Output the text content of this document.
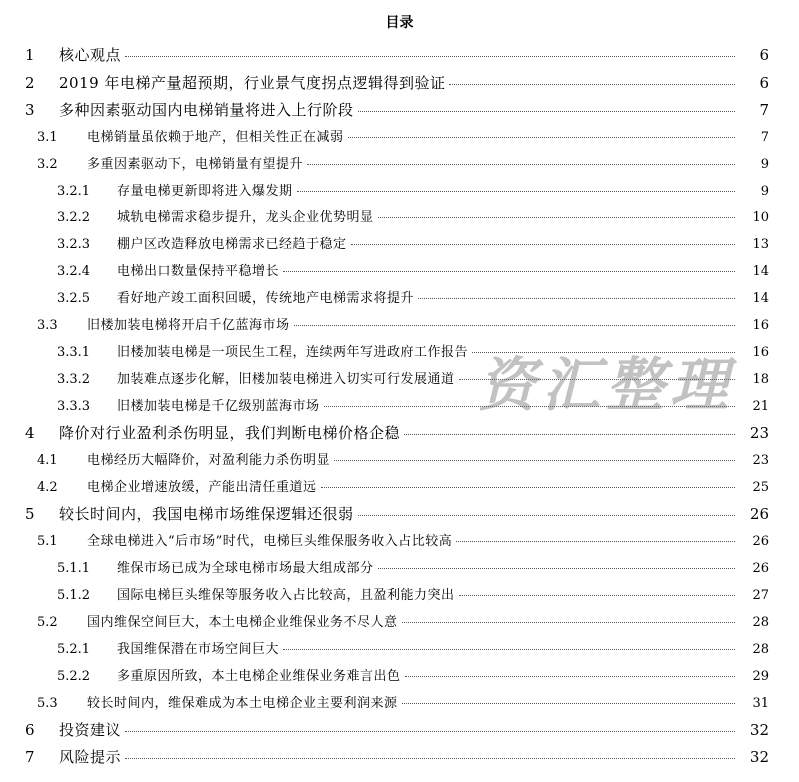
目录
1	核心观点	6
2	2019 年电梯产量超预期，行业景气度拐点逻辑得到验证	6
3	多种因素驱动国内电梯销量将进入上行阶段	7
3.1	电梯销量虽依赖于地产，但相关性正在减弱	7
3.2	多重因素驱动下，电梯销量有望提升	9
3.2.1	存量电梯更新即将进入爆发期	9
3.2.2	城轨电梯需求稳步提升，龙头企业优势明显	10
3.2.3	棚户区改造释放电梯需求已经趋于稳定	13
3.2.4	电梯出口数量保持平稳增长	14
3.2.5	看好地产竣工面积回暖，传统地产电梯需求将提升	14
3.3	旧楼加装电梯将开启千亿蓝海市场	16
3.3.1	旧楼加装电梯是一项民生工程，连续两年写进政府工作报告	16
3.3.2	加装难点逐步化解，旧楼加装电梯进入切实可行发展通道	18
3.3.3	旧楼加装电梯是千亿级别蓝海市场	21
4	降价对行业盈利杀伤明显，我们判断电梯价格企稳	23
4.1	电梯经历大幅降价，对盈利能力杀伤明显	23
4.2	电梯企业增速放缓，产能出清任重道远	25
5	较长时间内，我国电梯市场维保逻辑还很弱	26
5.1	全球电梯进入“后市场”时代，电梯巨头维保服务收入占比较高	26
5.1.1	维保市场已成为全球电梯市场最大组成部分	26
5.1.2	国际电梯巨头维保等服务收入占比较高，且盈利能力突出	27
5.2	国内维保空间巨大，本土电梯企业维保业务不尽人意	28
5.2.1	我国维保潜在市场空间巨大	28
5.2.2	多重原因所致，本土电梯企业维保业务难言出色	29
5.3	较长时间内，维保难成为本土电梯企业主要利润来源	31
6	投资建议	32
7	风险提示	32
资汇整理
